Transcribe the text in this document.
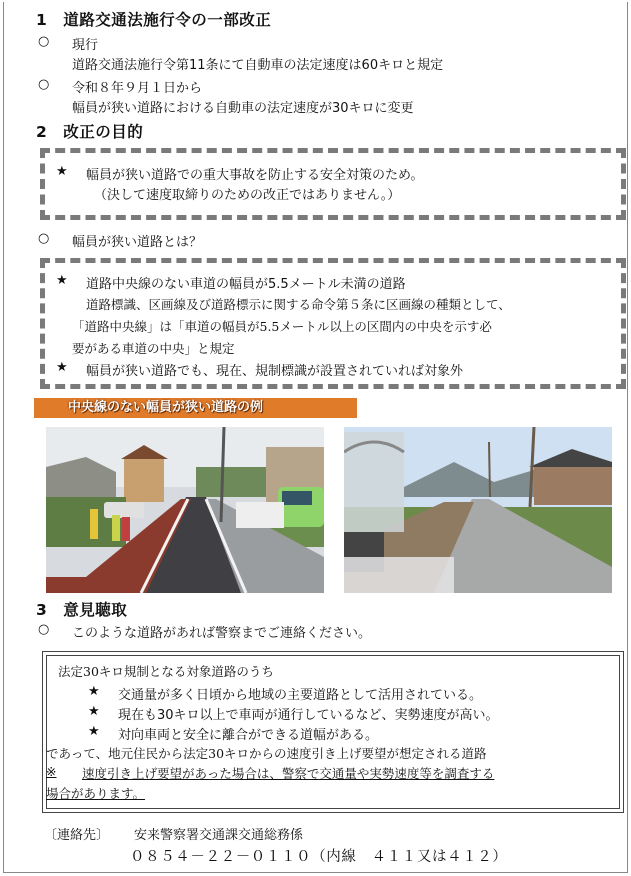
1　道路交通法施行令の一部改正
○ 現行
道路交通法施行令第11条にて自動車の法定速度は60キロと規定
○ 令和８年９月１日から
幅員が狭い道路における自動車の法定速度が30キロに変更
2　改正の目的
★ 幅員が狭い道路での重大事故を防止する安全対策のため。
（決して速度取締りのための改正ではありません。）
○ 幅員が狭い道路とは？
★ 道路中央線のない車道の幅員が5.5メートル未満の道路
道路標識、区画線及び道路標示に関する命令第５条に区画線の種類として、
「道路中央線」は「車道の幅員が5.5メートル以上の区間内の中央を示す必
要がある車道の中央」と規定
★ 幅員が狭い道路でも、現在、規制標識が設置されていれば対象外
中央線のない幅員が狭い道路の例
3　意見聴取
○ このような道路があれば警察までご連絡ください。
法定30キロ規制となる対象道路のうち
★ 交通量が多く日頃から地域の主要道路として活用されている。
★ 現在も30キロ以上で車両が通行しているなど、実勢速度が高い。
★ 対向車両と安全に離合ができる道幅がある。
であって、地元住民から法定30キロからの速度引き上げ要望が想定される道路
※ 速度引き上げ要望があった場合は、警察で交通量や実勢速度等を調査する
場合があります。
〔連絡先〕 安来警察署交通課交通総務係
０８５４－２２－０１１０（内線　４１１又は４１２）
